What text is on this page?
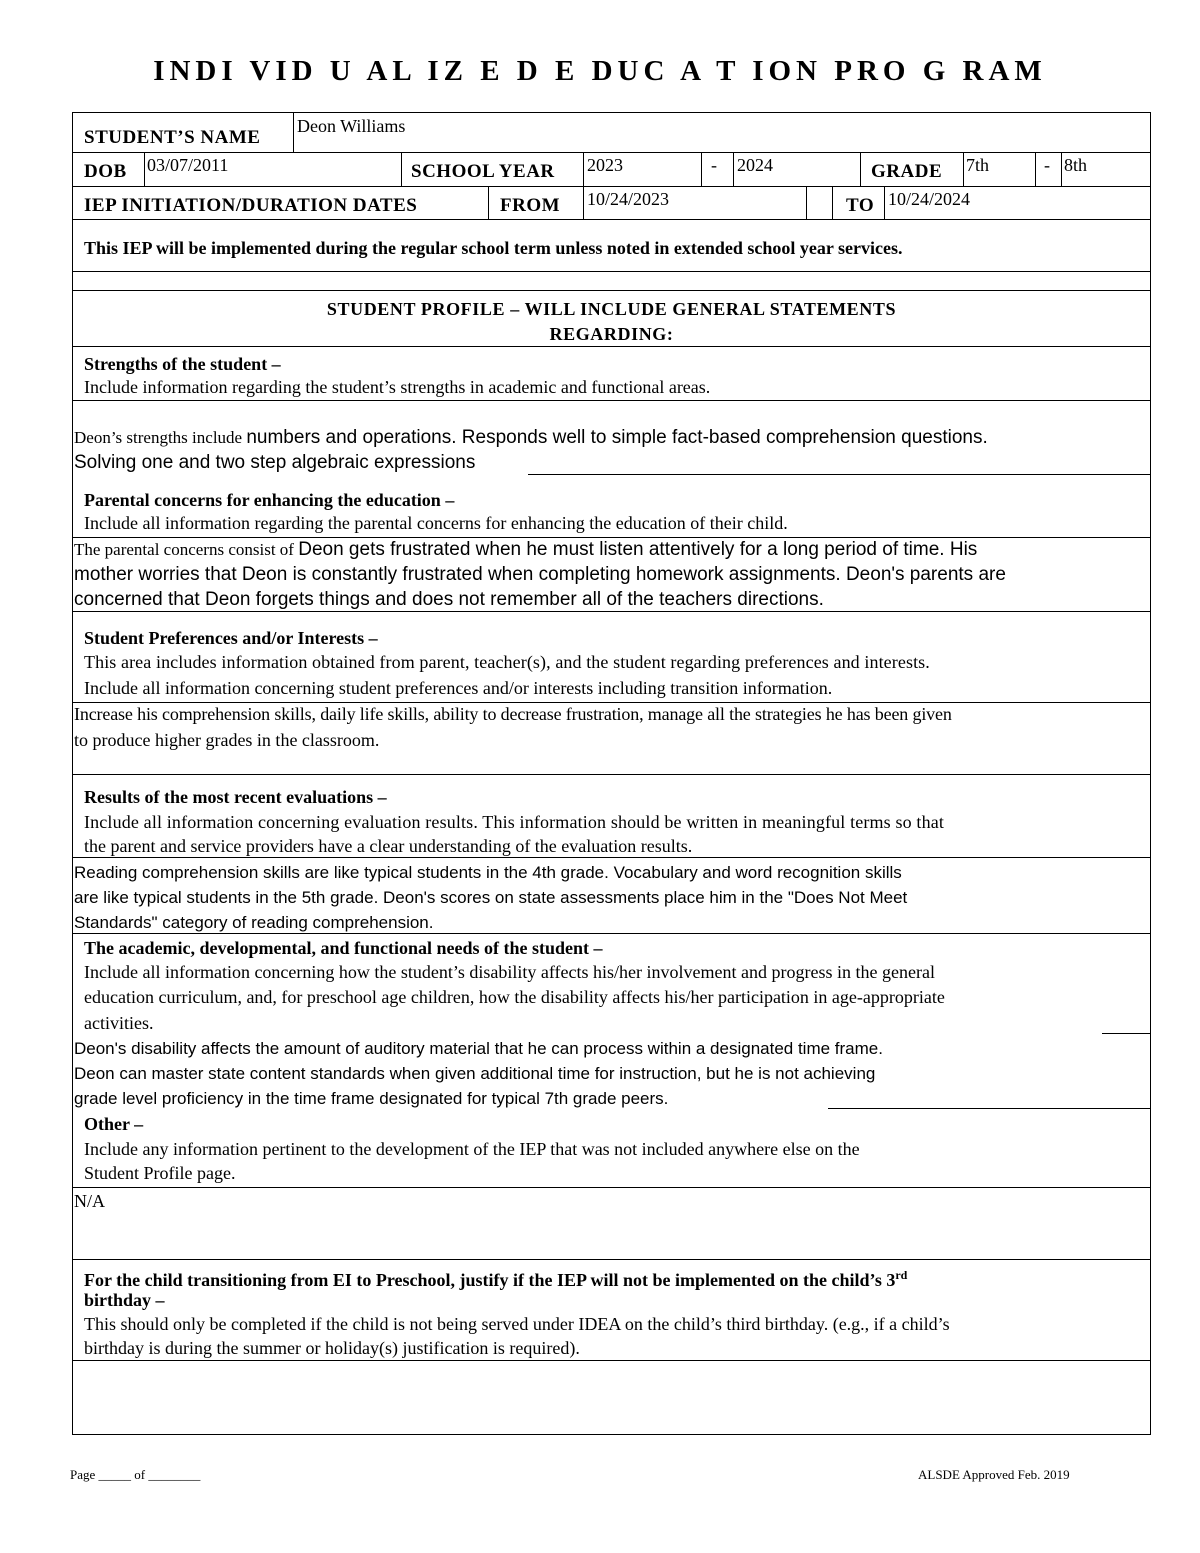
INDI VID U AL IZ E D E DUC A T ION PRO G RAM
STUDENT’S NAME
Deon Williams
DOB 03/07/2011	SCHOOL YEAR 2023	- 2024	GRADE 7th	- 8th
IEP INITIATION/DURATION DATES	FROM 10/24/2023	TO 10/24/2024
This IEP will be implemented during the regular school term unless noted in extended school year services.
STUDENT PROFILE – WILL INCLUDE GENERAL STATEMENTS
REGARDING:
Strengths of the student –
Include information regarding the student’s strengths in academic and functional areas.
Deon’s strengths include numbers and operations. Responds well to simple fact-based comprehension questions.
Solving one and two step algebraic expressions
Parental concerns for enhancing the education –
Include all information regarding the parental concerns for enhancing the education of their child.
The parental concerns consist of Deon gets frustrated when he must listen attentively for a long period of time. His
mother worries that Deon is constantly frustrated when completing homework assignments. Deon's parents are
concerned that Deon forgets things and does not remember all of the teachers directions.
Student Preferences and/or Interests –
This area includes information obtained from parent, teacher(s), and the student regarding preferences and interests.
Include all information concerning student preferences and/or interests including transition information.
Increase his comprehension skills, daily life skills, ability to decrease frustration, manage all the strategies he has been given
to produce higher grades in the classroom.
Results of the most recent evaluations –
Include all information concerning evaluation results. This information should be written in meaningful terms so that
the parent and service providers have a clear understanding of the evaluation results.
Reading comprehension skills are like typical students in the 4th grade. Vocabulary and word recognition skills
are like typical students in the 5th grade. Deon's scores on state assessments place him in the "Does Not Meet
Standards" category of reading comprehension.
The academic, developmental, and functional needs of the student –
Include all information concerning how the student’s disability affects his/her involvement and progress in the general
education curriculum, and, for preschool age children, how the disability affects his/her participation in age-appropriate
activities.
Deon's disability affects the amount of auditory material that he can process within a designated time frame.
Deon can master state content standards when given additional time for instruction, but he is not achieving
grade level proficiency in the time frame designated for typical 7th grade peers.
Other –
Include any information pertinent to the development of the IEP that was not included anywhere else on the
Student Profile page.
N/A
For the child transitioning from EI to Preschool, justify if the IEP will not be implemented on the child’s 3rd
birthday –
This should only be completed if the child is not being served under IDEA on the child’s third birthday. (e.g., if a child’s
birthday is during the summer or holiday(s) justification is required).
Page _____ of ________	ALSDE Approved Feb. 2019
